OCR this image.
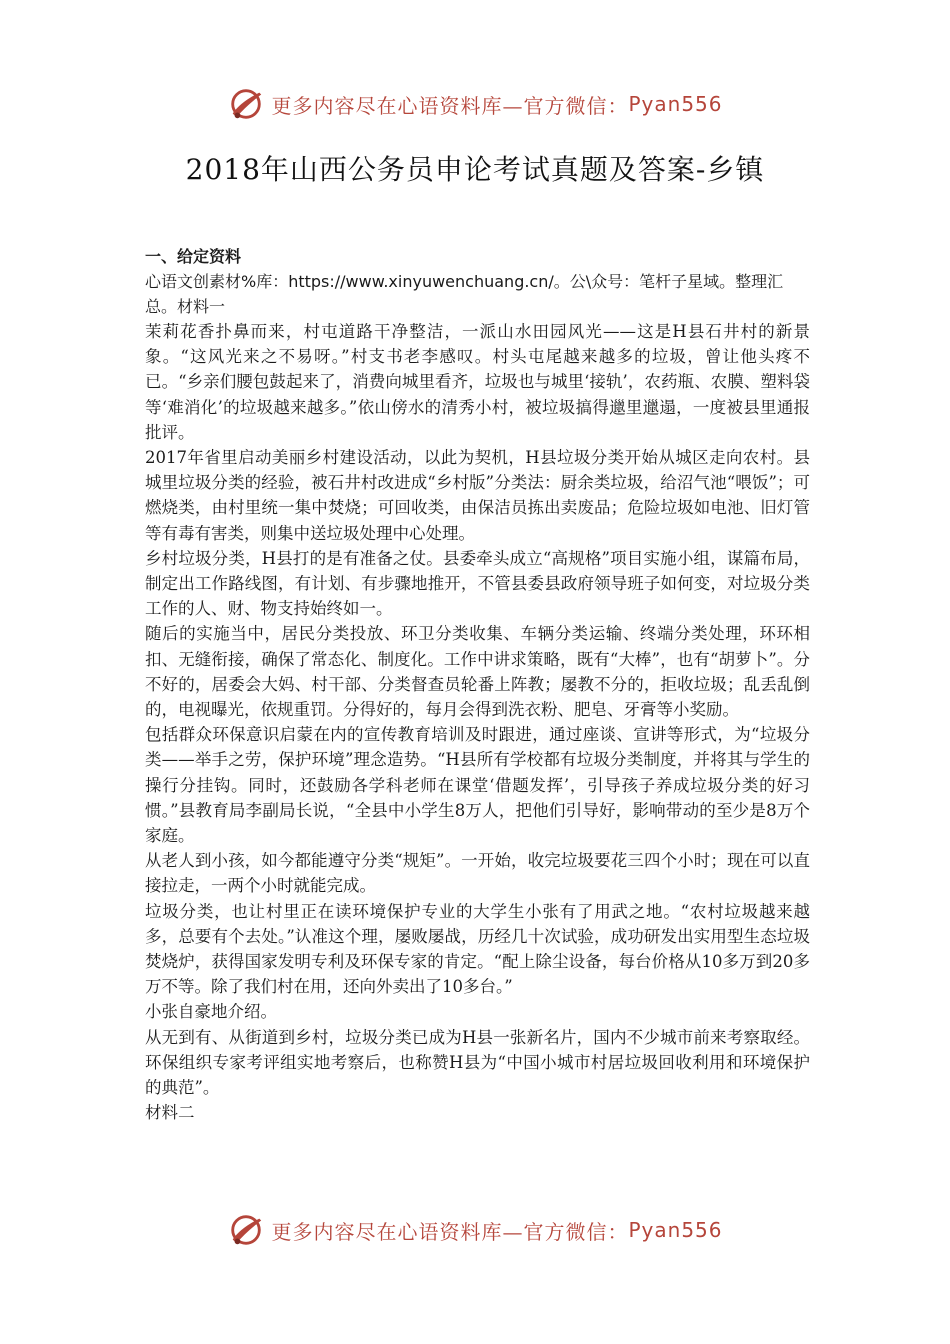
更多内容尽在心语资料库—官方微信： Pyan556
2018年山西公务员申论考试真题及答案-乡镇

一、给定资料

心语文创素材%库：https://www.xinyuwenchuang.cn/。公\众号：笔杆子星域。整理汇总。材料一

茉莉花香扑鼻而来，村屯道路干净整洁，一派山水田园风光——这是H县石井村的新景象。“这风光来之不易呀。”村支书老李感叹。村头屯尾越来越多的垃圾，曾让他头疼不已。“乡亲们腰包鼓起来了，消费向城里看齐，垃圾也与城里‘接轨’，农药瓶、农膜、塑料袋等‘难消化’的垃圾越来越多。”依山傍水的清秀小村，被垃圾搞得邋里邋遢，一度被县里通报批评。

2017年省里启动美丽乡村建设活动，以此为契机，H县垃圾分类开始从城区走向农村。县城里垃圾分类的经验，被石井村改进成“乡村版”分类法：厨余类垃圾，给沼气池“喂饭”；可燃烧类，由村里统一集中焚烧；可回收类，由保洁员拣出卖废品；危险垃圾如电池、旧灯管等有毒有害类，则集中送垃圾处理中心处理。

乡村垃圾分类，H县打的是有准备之仗。县委牵头成立“高规格”项目实施小组，谋篇布局，制定出工作路线图，有计划、有步骤地推开，不管县委县政府领导班子如何变，对垃圾分类工作的人、财、物支持始终如一。

随后的实施当中，居民分类投放、环卫分类收集、车辆分类运输、终端分类处理，环环相扣、无缝衔接，确保了常态化、制度化。工作中讲求策略，既有“大棒”，也有“胡萝卜”。分不好的，居委会大妈、村干部、分类督查员轮番上阵教；屡教不分的，拒收垃圾；乱丢乱倒的，电视曝光，依规重罚。分得好的，每月会得到洗衣粉、肥皂、牙膏等小奖励。

包括群众环保意识启蒙在内的宣传教育培训及时跟进，通过座谈、宣讲等形式，为“垃圾分类——举手之劳，保护环境”理念造势。“H县所有学校都有垃圾分类制度，并将其与学生的操行分挂钩。同时，还鼓励各学科老师在课堂‘借题发挥’，引导孩子养成垃圾分类的好习惯。”县教育局李副局长说，“全县中小学生8万人，把他们引导好，影响带动的至少是8万个家庭。

从老人到小孩，如今都能遵守分类“规矩”。一开始，收完垃圾要花三四个小时；现在可以直接拉走，一两个小时就能完成。

垃圾分类，也让村里正在读环境保护专业的大学生小张有了用武之地。“农村垃圾越来越多，总要有个去处。”认准这个理，屡败屡战，历经几十次试验，成功研发出实用型生态垃圾焚烧炉，获得国家发明专利及环保专家的肯定。“配上除尘设备，每台价格从10多万到20多万不等。除了我们村在用，还向外卖出了10多台。”

小张自豪地介绍。

从无到有、从街道到乡村，垃圾分类已成为H县一张新名片，国内不少城市前来考察取经。环保组织专家考评组实地考察后，也称赞H县为“中国小城市村居垃圾回收利用和环境保护的典范”。

材料二

更多内容尽在心语资料库—官方微信： Pyan556
